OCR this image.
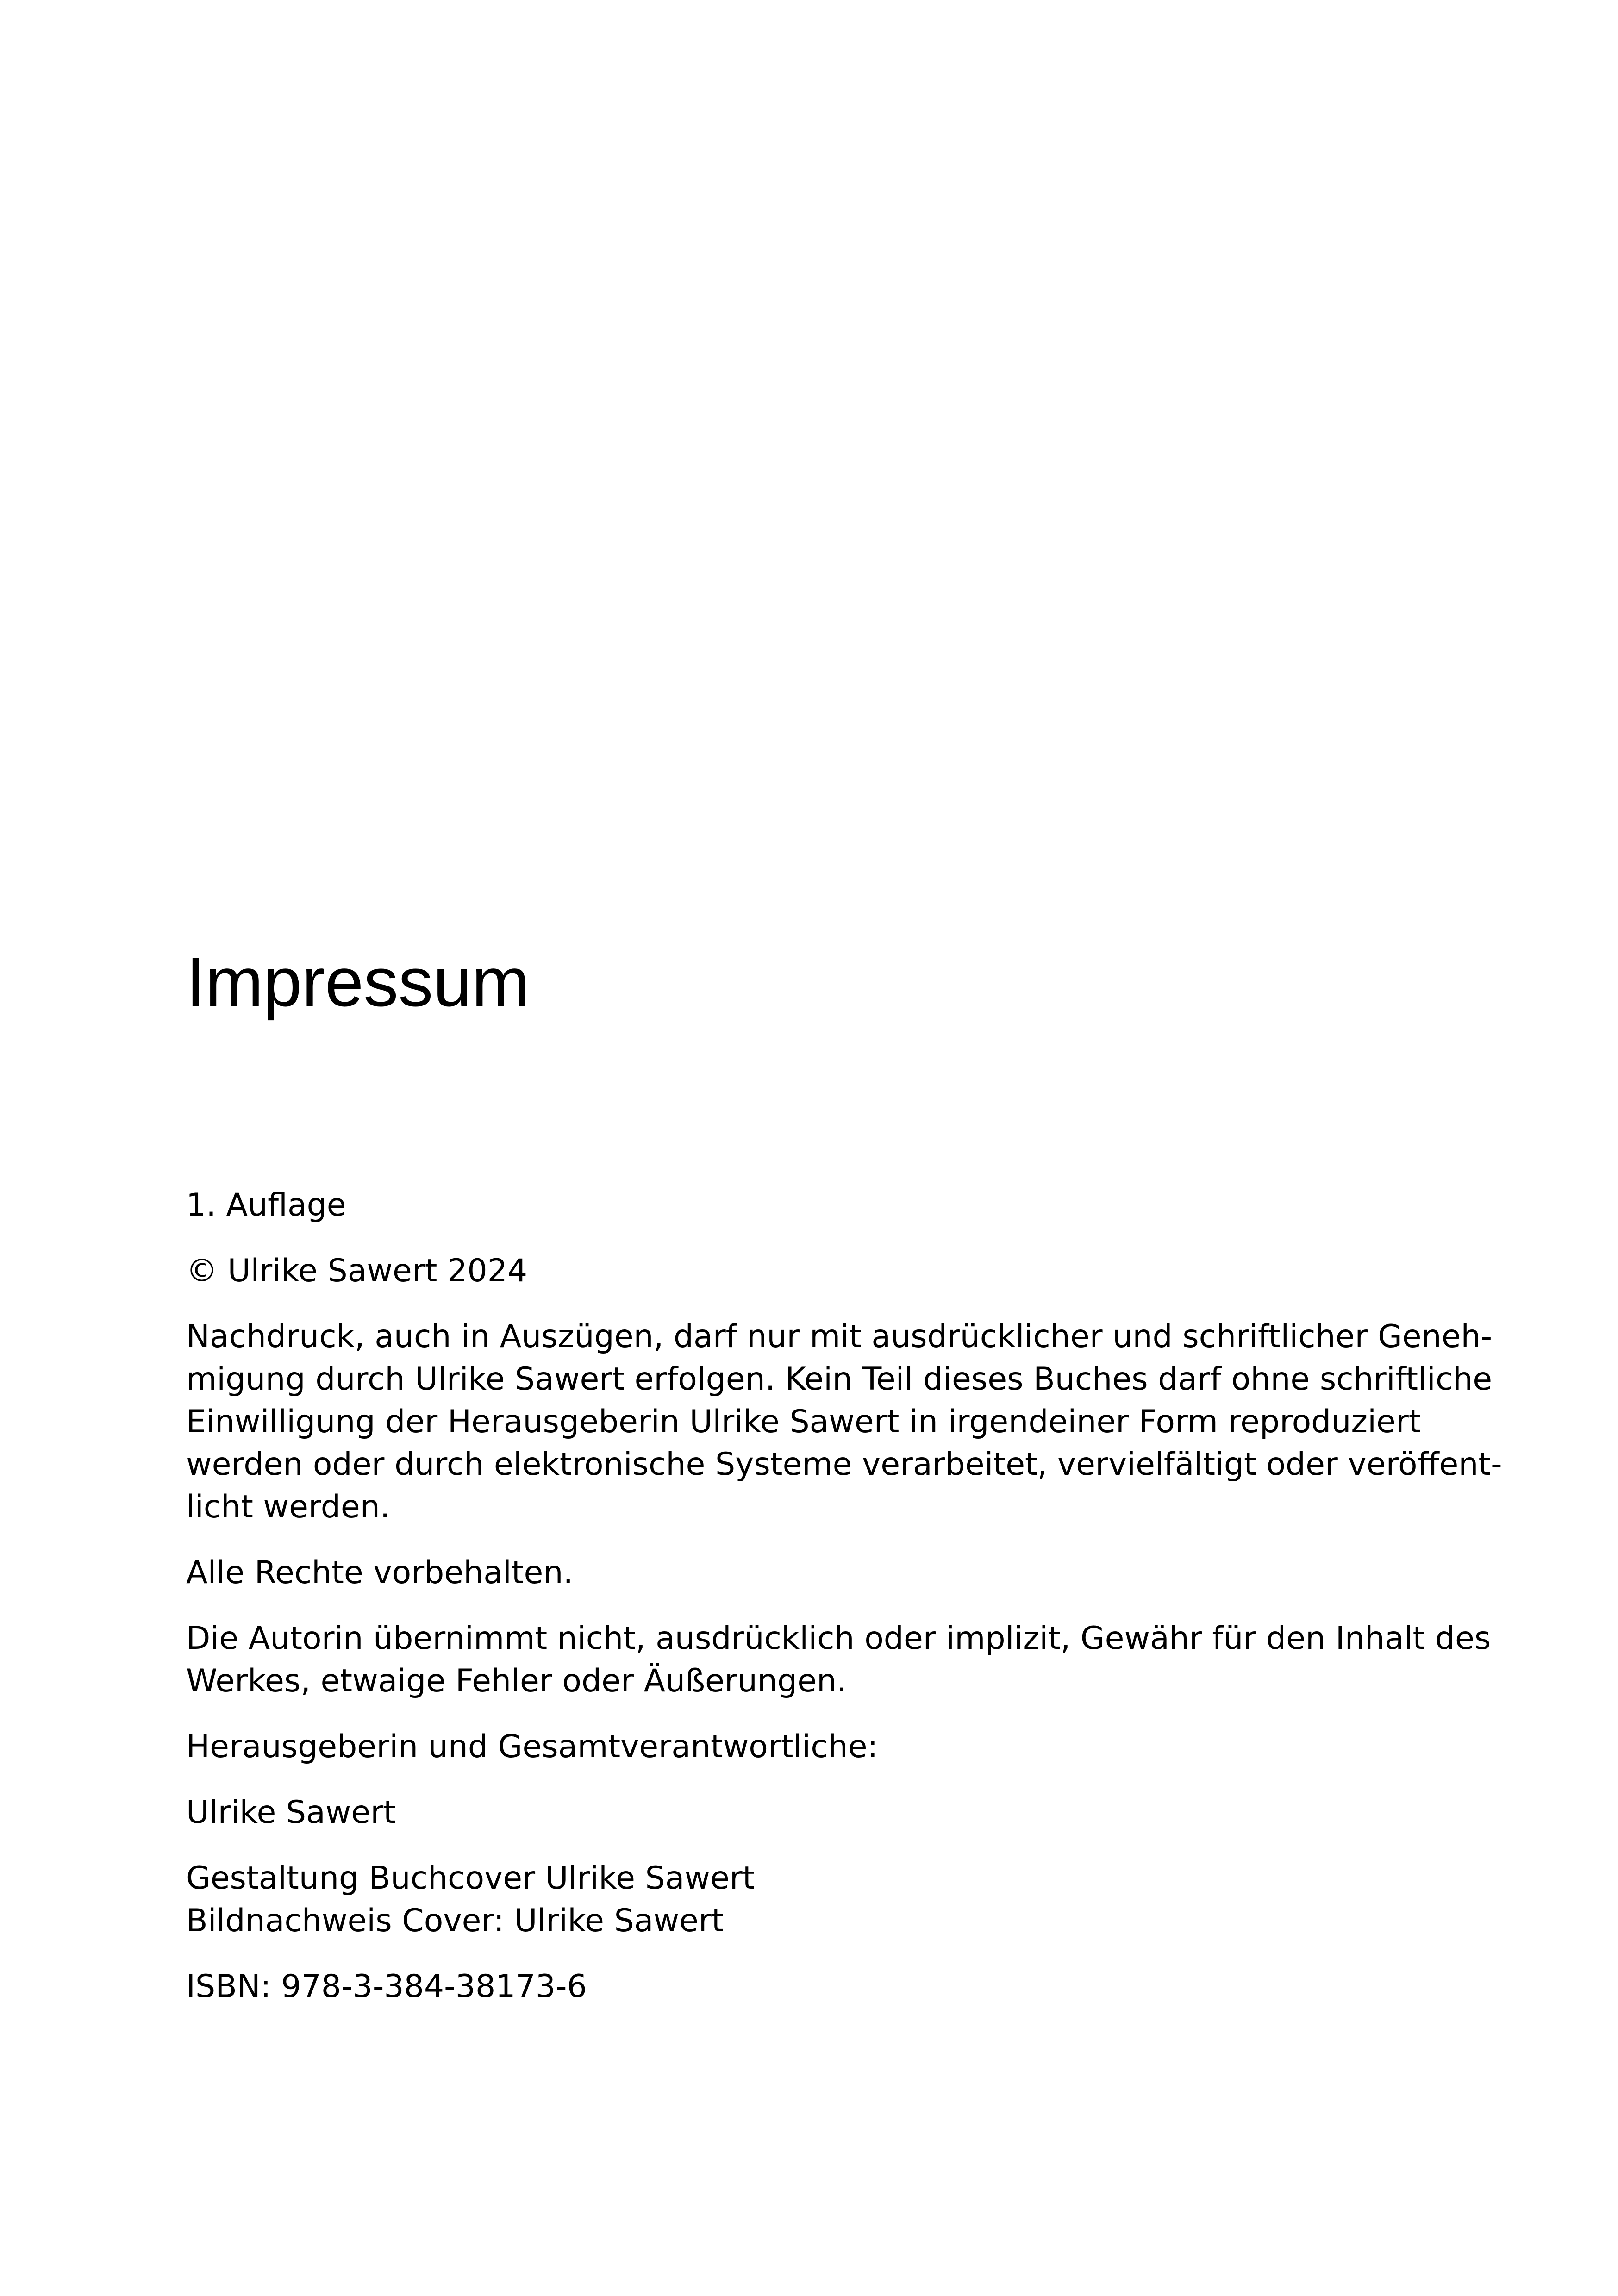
Impressum

1. Auflage

© Ulrike Sawert 2024

Nachdruck, auch in Auszügen, darf nur mit ausdrücklicher und schriftlicher Geneh-
migung durch Ulrike Sawert erfolgen. Kein Teil dieses Buches darf ohne schriftliche
Einwilligung der Herausgeberin Ulrike Sawert in irgendeiner Form reproduziert
werden oder durch elektronische Systeme verarbeitet, vervielfältigt oder veröffent-
licht werden.

Alle Rechte vorbehalten.

Die Autorin übernimmt nicht, ausdrücklich oder implizit, Gewähr für den Inhalt des
Werkes, etwaige Fehler oder Äußerungen.

Herausgeberin und Gesamtverantwortliche:

Ulrike Sawert

Gestaltung Buchcover Ulrike Sawert
Bildnachweis Cover: Ulrike Sawert

ISBN: 978-3-384-38173-6
